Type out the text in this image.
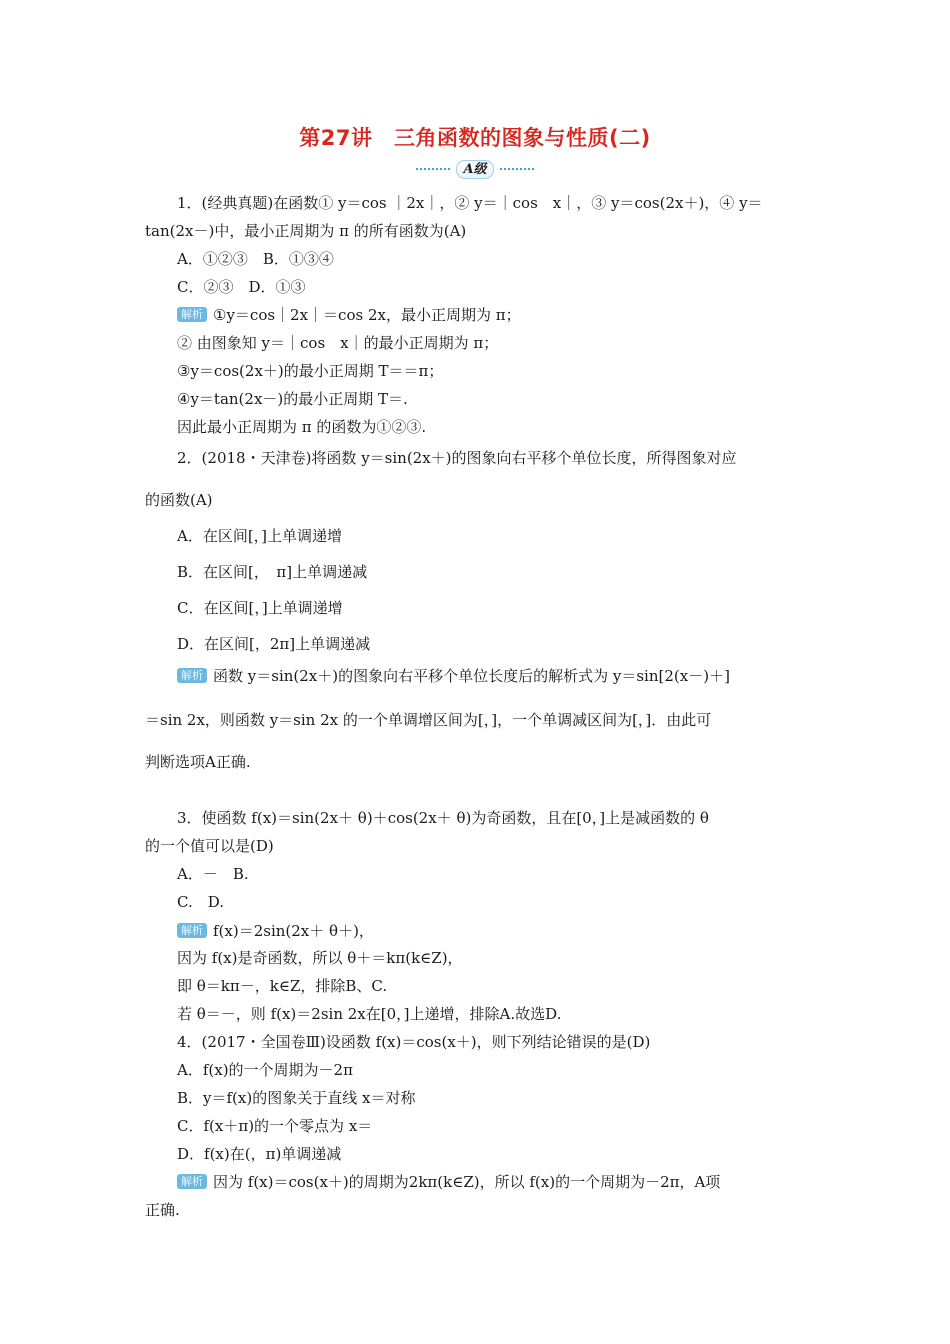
第27讲　三角函数的图象与性质(二)
A级
1．(经典真题)在函数① y＝cos ｜2x｜，② y＝｜cos　x｜，③ y＝cos(2x＋)，④ y＝
tan(2x－)中，最小正周期为 π 的所有函数为(A)
A．①②③　B．①③④
C．②③　D．①③
解析 ①y＝cos｜2x｜＝cos 2x，最小正周期为 π；
② 由图象知 y＝｜cos　x｜的最小正周期为 π；
③y＝cos(2x＋)的最小正周期 T＝＝π；
④y＝tan(2x－)的最小正周期 T＝.
因此最小正周期为 π 的函数为①②③.
2．(2018・天津卷)将函数 y＝sin(2x＋)的图象向右平移个单位长度，所得图象对应
的函数(A)
A．在区间[，]上单调递增
B．在区间[，　π]上单调递减
C．在区间[，]上单调递增
D．在区间[，2π]上单调递减
解析 函数 y＝sin(2x＋)的图象向右平移个单位长度后的解析式为 y＝sin[2(x－)＋]
＝sin 2x，则函数 y＝sin 2x 的一个单调增区间为[，]，一个单调减区间为[，]．由此可
判断选项A正确.
3．使函数 f(x)＝sin(2x＋ θ)＋cos(2x＋ θ)为奇函数，且在[0，]上是减函数的 θ
的一个值可以是(D)
A．－　B.
C.　D.
解析 f(x)＝2sin(2x＋ θ＋)，
因为 f(x)是奇函数，所以 θ＋＝kπ(k∈Z)，
即 θ＝kπ－，k∈Z，排除B、C.
若 θ＝－，则 f(x)＝2sin 2x在[0，]上递增，排除A.故选D.
4．(2017・全国卷Ⅲ)设函数 f(x)＝cos(x＋)，则下列结论错误的是(D)
A．f(x)的一个周期为－2π
B．y＝f(x)的图象关于直线 x＝对称
C．f(x＋π)的一个零点为 x＝
D．f(x)在(，π)单调递减
解析 因为 f(x)＝cos(x＋)的周期为2kπ(k∈Z)，所以 f(x)的一个周期为－2π，A项
正确.
